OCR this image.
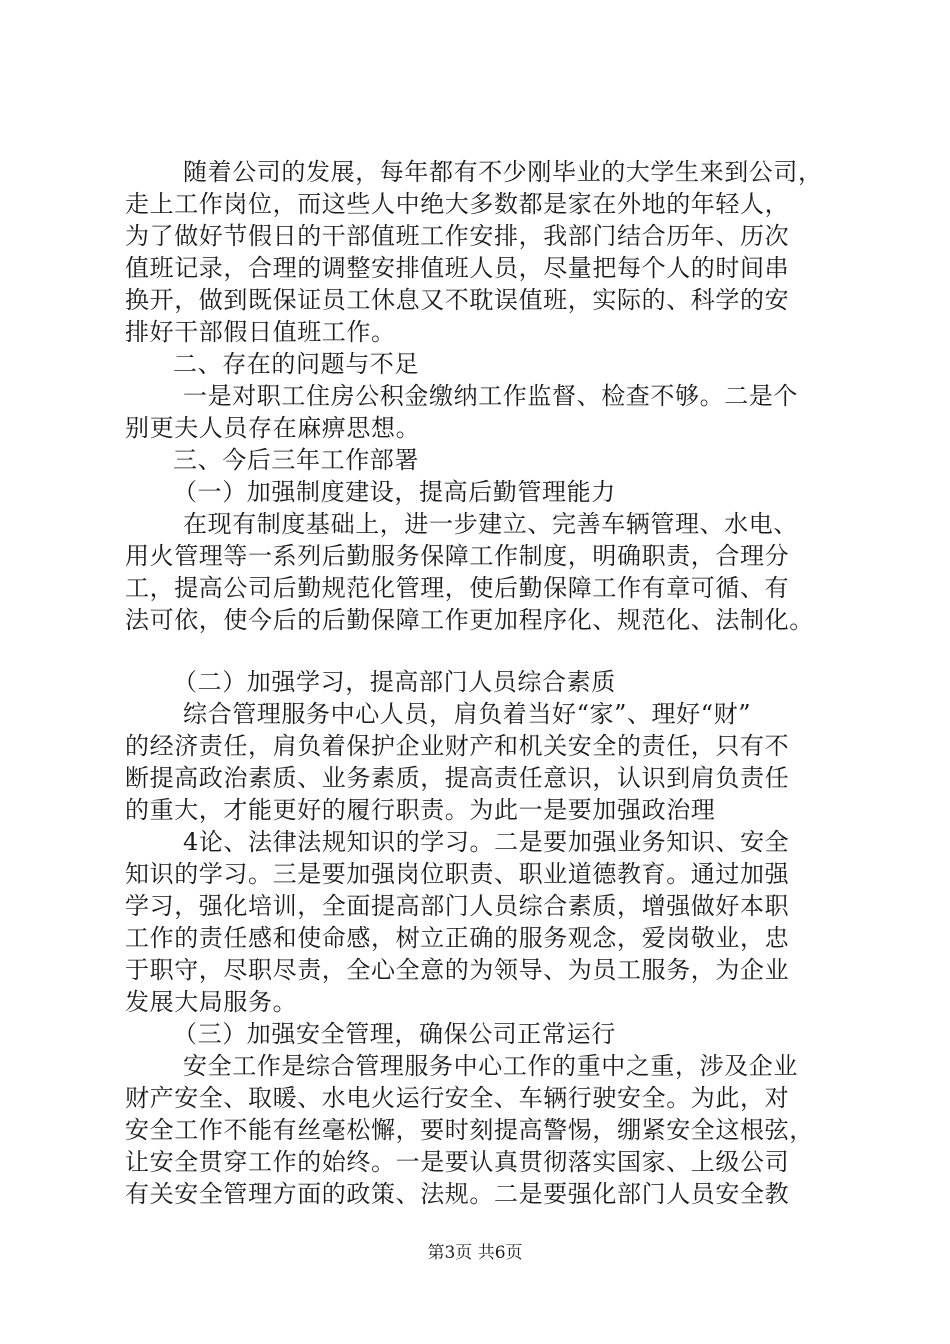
随着公司的发展，每年都有不少刚毕业的大学生来到公司，
走上工作岗位，而这些人中绝大多数都是家在外地的年轻人，
为了做好节假日的干部值班工作安排，我部门结合历年、历次
值班记录，合理的调整安排值班人员，尽量把每个人的时间串
换开，做到既保证员工休息又不耽误值班，实际的、科学的安
排好干部假日值班工作。
二、存在的问题与不足
一是对职工住房公积金缴纳工作监督、检查不够。二是个
别更夫人员存在麻痹思想。
三、今后三年工作部署
（一）加强制度建设，提高后勤管理能力
在现有制度基础上，进一步建立、完善车辆管理、水电、
用火管理等一系列后勤服务保障工作制度，明确职责，合理分
工，提高公司后勤规范化管理，使后勤保障工作有章可循、有
法可依，使今后的后勤保障工作更加程序化、规范化、法制化。
（二）加强学习，提高部门人员综合素质
综合管理服务中心人员，肩负着当好“家”、理好“财”
的经济责任，肩负着保护企业财产和机关安全的责任，只有不
断提高政治素质、业务素质，提高责任意识，认识到肩负责任
的重大，才能更好的履行职责。为此一是要加强政治理
4论、法律法规知识的学习。二是要加强业务知识、安全
知识的学习。三是要加强岗位职责、职业道德教育。通过加强
学习，强化培训，全面提高部门人员综合素质，增强做好本职
工作的责任感和使命感，树立正确的服务观念，爱岗敬业，忠
于职守，尽职尽责，全心全意的为领导、为员工服务，为企业
发展大局服务。
（三）加强安全管理，确保公司正常运行
安全工作是综合管理服务中心工作的重中之重，涉及企业
财产安全、取暖、水电火运行安全、车辆行驶安全。为此，对
安全工作不能有丝毫松懈，要时刻提高警惕，绷紧安全这根弦，
让安全贯穿工作的始终。一是要认真贯彻落实国家、上级公司
有关安全管理方面的政策、法规。二是要强化部门人员安全教
第3页 共6页
